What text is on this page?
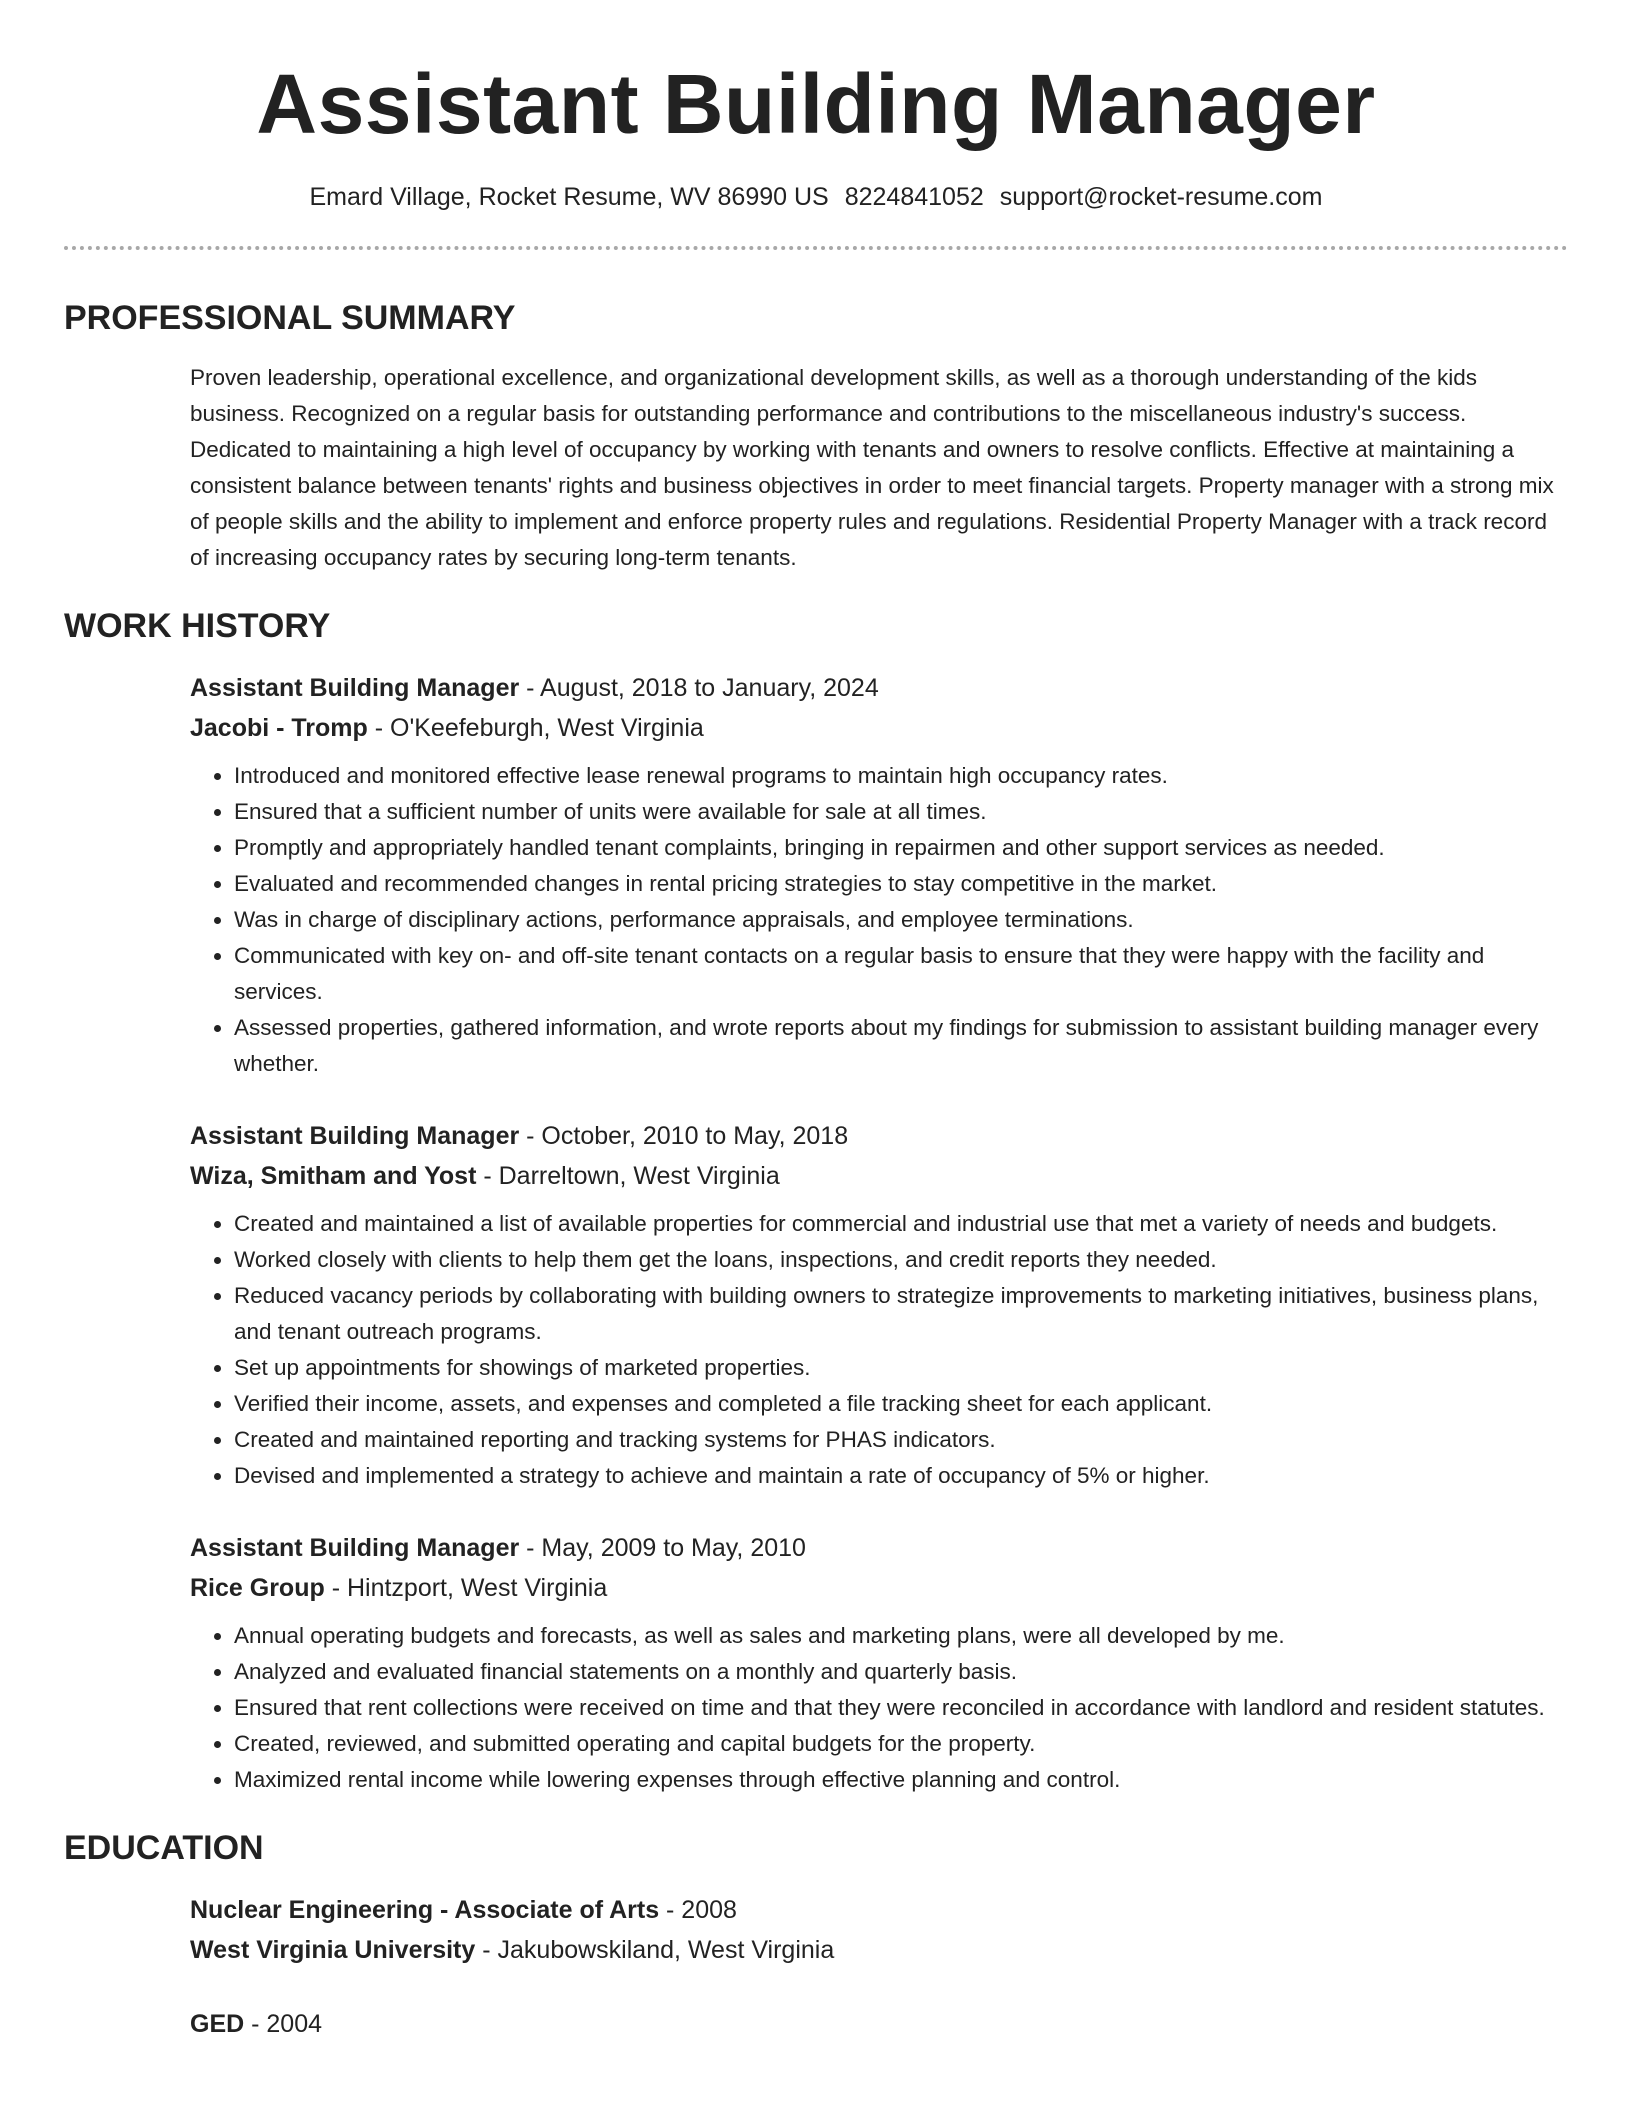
Assistant Building Manager
Emard Village, Rocket Resume, WV 86990 US 8224841052 support@rocket-resume.com
PROFESSIONAL SUMMARY

Proven leadership, operational excellence, and organizational development skills, as well as a thorough understanding of the kids business. Recognized on a regular basis for outstanding performance and contributions to the miscellaneous industry's success. Dedicated to maintaining a high level of occupancy by working with tenants and owners to resolve conflicts. Effective at maintaining a consistent balance between tenants' rights and business objectives in order to meet financial targets. Property manager with a strong mix of people skills and the ability to implement and enforce property rules and regulations. Residential Property Manager with a track record of increasing occupancy rates by securing long-term tenants.

WORK HISTORY
Assistant Building Manager - August, 2018 to January, 2024
Jacobi - Tromp - O'Keefeburgh, West Virginia
• Introduced and monitored effective lease renewal programs to maintain high occupancy rates.
• Ensured that a sufficient number of units were available for sale at all times.
• Promptly and appropriately handled tenant complaints, bringing in repairmen and other support services as needed.
• Evaluated and recommended changes in rental pricing strategies to stay competitive in the market.
• Was in charge of disciplinary actions, performance appraisals, and employee terminations.
• Communicated with key on- and off-site tenant contacts on a regular basis to ensure that they were happy with the facility and services.
• Assessed properties, gathered information, and wrote reports about my findings for submission to assistant building manager every whether.
Assistant Building Manager - October, 2010 to May, 2018
Wiza, Smitham and Yost - Darreltown, West Virginia
• Created and maintained a list of available properties for commercial and industrial use that met a variety of needs and budgets.
• Worked closely with clients to help them get the loans, inspections, and credit reports they needed.
• Reduced vacancy periods by collaborating with building owners to strategize improvements to marketing initiatives, business plans, and tenant outreach programs.
• Set up appointments for showings of marketed properties.
• Verified their income, assets, and expenses and completed a file tracking sheet for each applicant.
• Created and maintained reporting and tracking systems for PHAS indicators.
• Devised and implemented a strategy to achieve and maintain a rate of occupancy of 5% or higher.
Assistant Building Manager - May, 2009 to May, 2010
Rice Group - Hintzport, West Virginia
• Annual operating budgets and forecasts, as well as sales and marketing plans, were all developed by me.
• Analyzed and evaluated financial statements on a monthly and quarterly basis.
• Ensured that rent collections were received on time and that they were reconciled in accordance with landlord and resident statutes.
• Created, reviewed, and submitted operating and capital budgets for the property.
• Maximized rental income while lowering expenses through effective planning and control.
EDUCATION
Nuclear Engineering - Associate of Arts - 2008
West Virginia University - Jakubowskiland, West Virginia
GED - 2004
